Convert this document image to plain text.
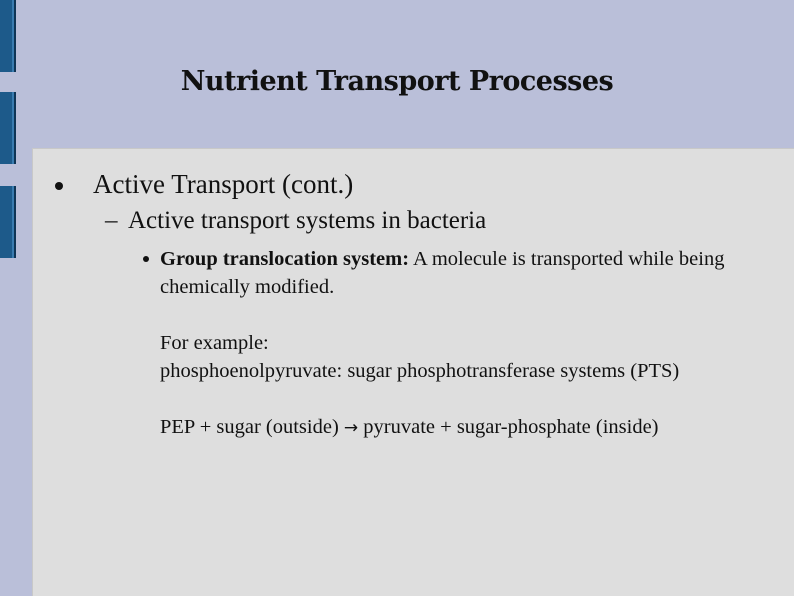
Nutrient Transport Processes
Active Transport (cont.)
– Active transport systems in bacteria

Group translocation system: A molecule is transported while being chemically modified.

For example:

phosphoenolpyruvate: sugar phosphotransferase systems (PTS)

PEP + sugar (outside) → pyruvate + sugar-phosphate (inside)
